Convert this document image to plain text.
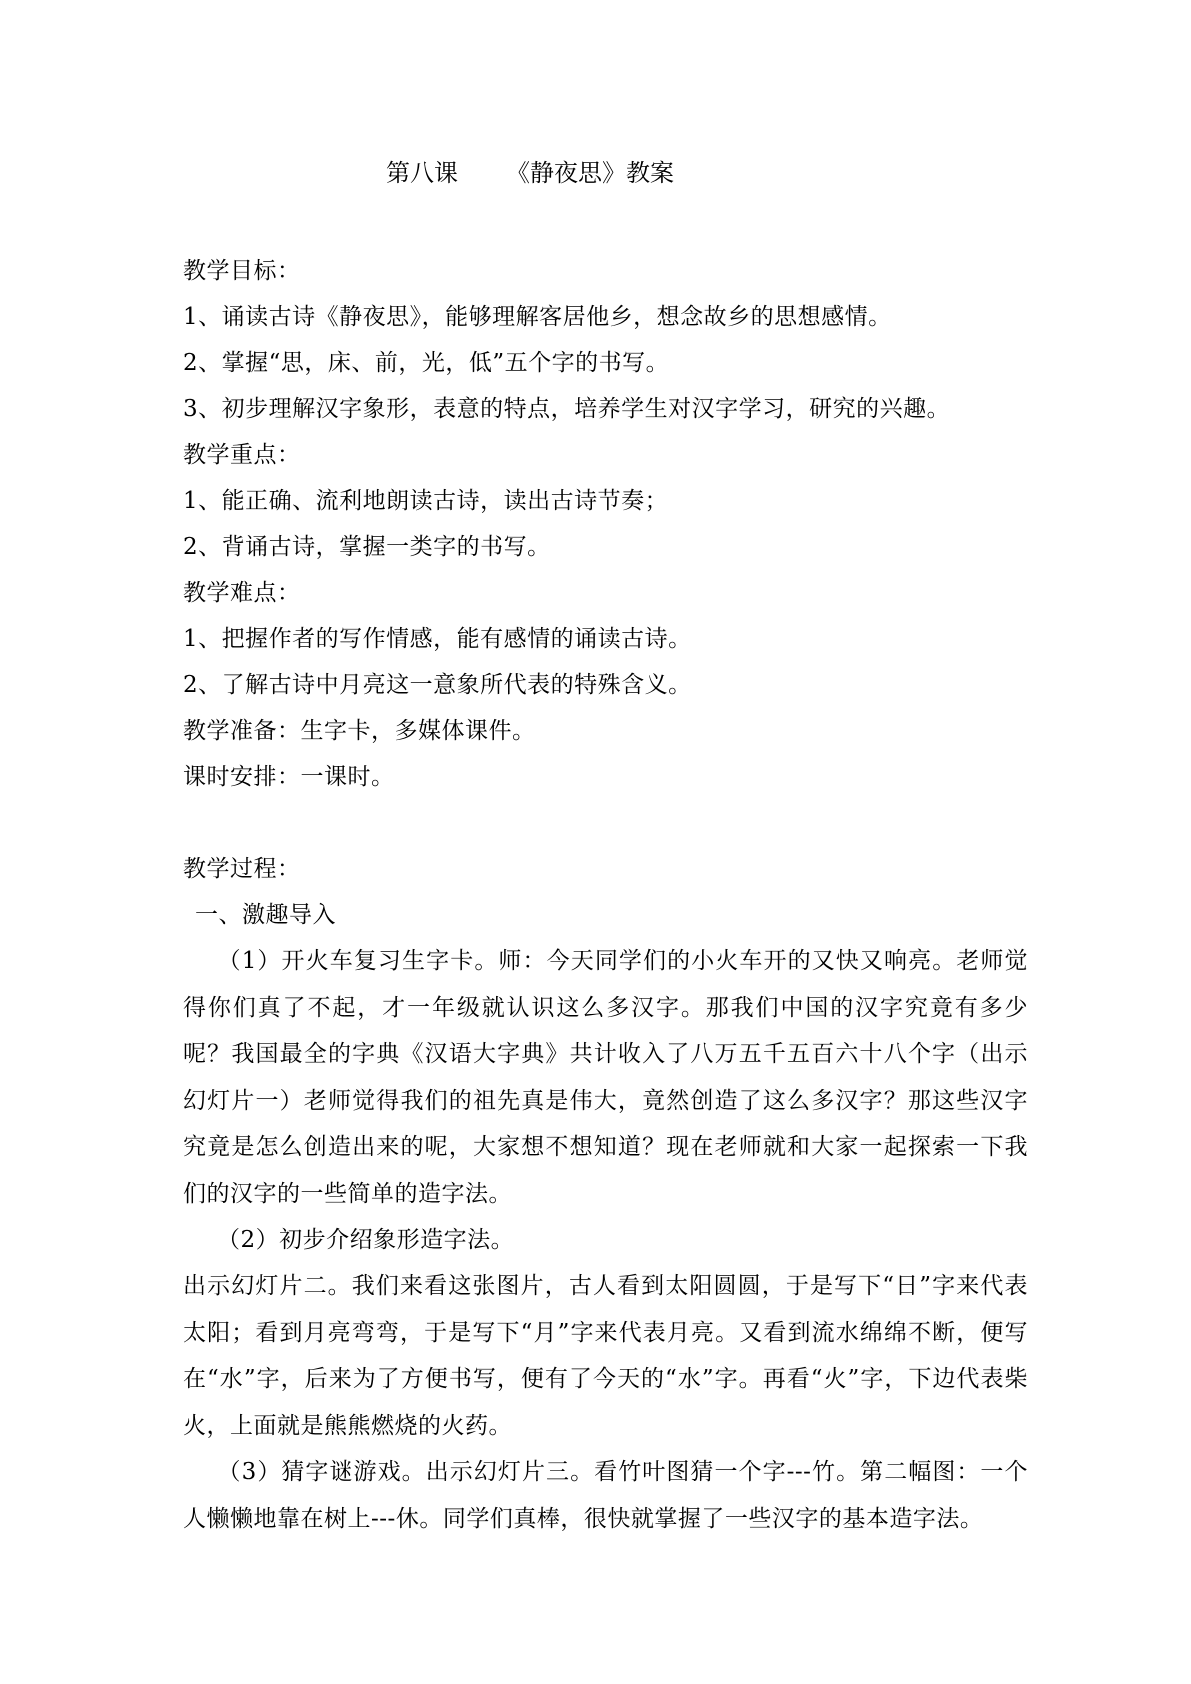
第八课 《静夜思》教案
教学目标：
1、诵读古诗《静夜思》，能够理解客居他乡，想念故乡的思想感情。
2、掌握“思，床、前，光，低”五个字的书写。
3、初步理解汉字象形，表意的特点，培养学生对汉字学习，研究的兴趣。
教学重点：
1、能正确、流利地朗读古诗，读出古诗节奏；
2、背诵古诗，掌握一类字的书写。
教学难点：
1、把握作者的写作情感，能有感情的诵读古诗。
2、了解古诗中月亮这一意象所代表的特殊含义。
教学准备：生字卡，多媒体课件。
课时安排：一课时。
教学过程：
一、激趣导入
（1）开火车复习生字卡。师：今天同学们的小火车开的又快又响亮。老师觉得你们真了不起，才一年级就认识这么多汉字。那我们中国的汉字究竟有多少呢？我国最全的字典《汉语大字典》共计收入了八万五千五百六十八个字（出示幻灯片一）老师觉得我们的祖先真是伟大，竟然创造了这么多汉字？那这些汉字究竟是怎么创造出来的呢，大家想不想知道？现在老师就和大家一起探索一下我们的汉字的一些简单的造字法。
（2）初步介绍象形造字法。
出示幻灯片二。我们来看这张图片，古人看到太阳圆圆，于是写下“日”字来代表太阳；看到月亮弯弯，于是写下“月”字来代表月亮。又看到流水绵绵不断，便写在“水”字，后来为了方便书写，便有了今天的“水”字。再看“火”字，下边代表柴火，上面就是熊熊燃烧的火药。
（3）猜字谜游戏。出示幻灯片三。看竹叶图猜一个字---竹。第二幅图：一个人懒懒地靠在树上---休。同学们真棒，很快就掌握了一些汉字的基本造字法。
